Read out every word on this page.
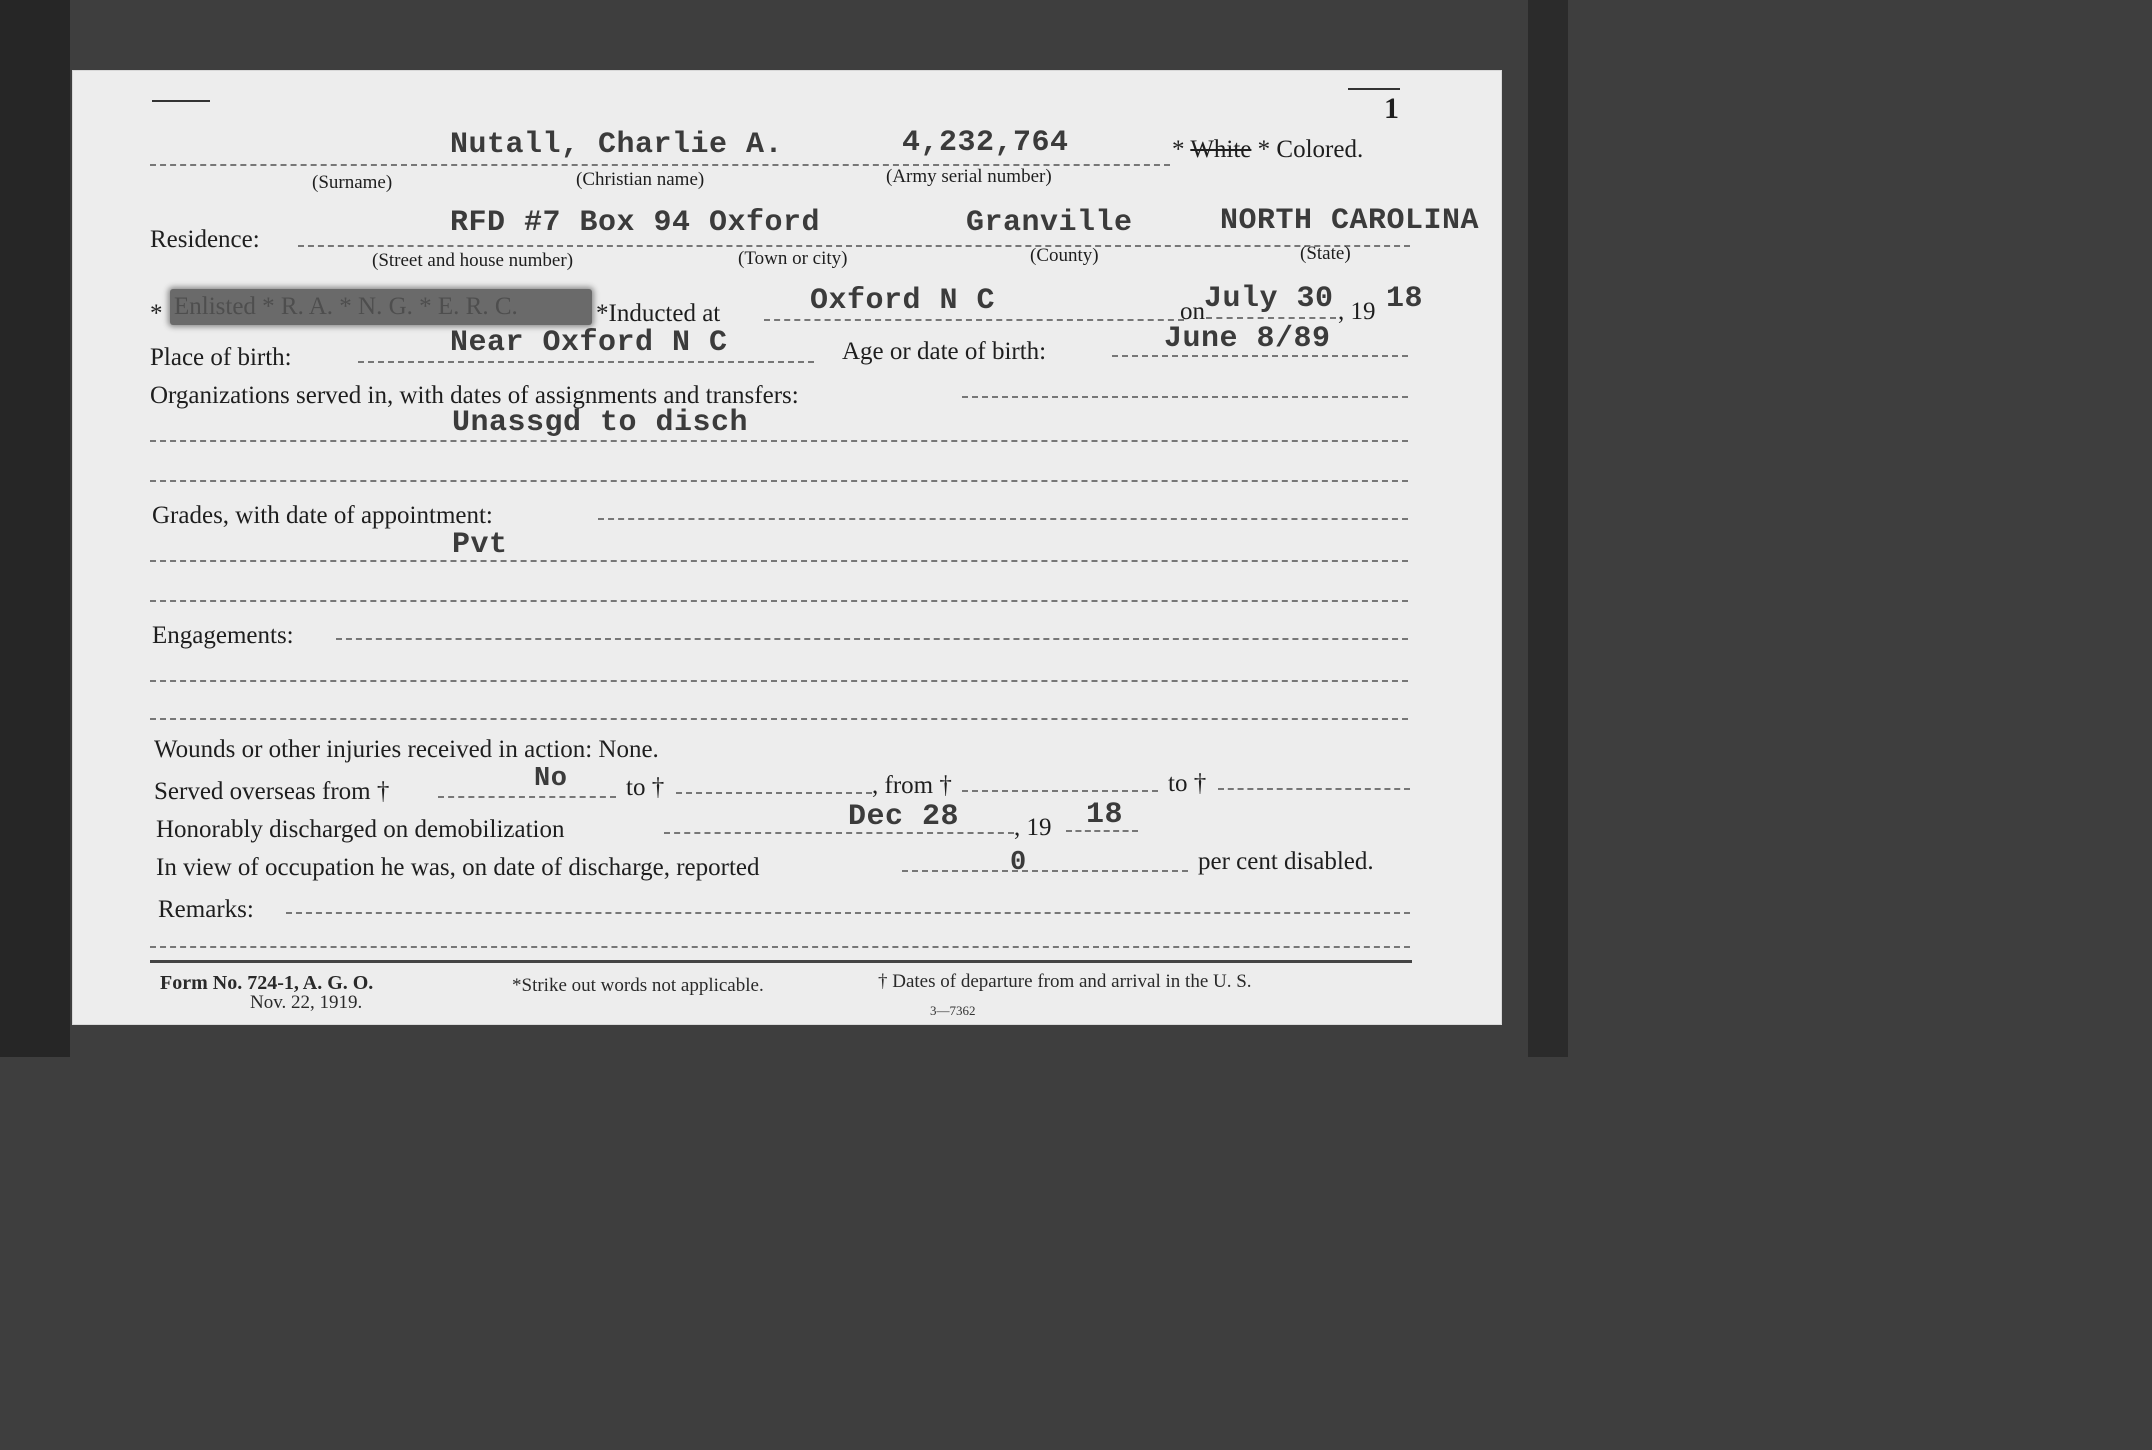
1
Nutall, Charlie A.	4,232,764	* White * Colored.
(Surname)	(Christian name)	(Army serial number)
Residence:	RFD #7 Box 94 Oxford	Granville	NORTH CAROLINA
(Street and house number)	(Town or city)	(County)	(State)
* Enlisted * R. A. * N. G. * E. R. C.	*Inducted at	Oxford N C	on July 30 , 19 18
Place of birth:	Near Oxford N C	Age or date of birth:	June 8/89
Organizations served in, with dates of assignments and transfers:
Unassgd to disch
Grades, with date of appointment:
Pvt
Engagements:
Wounds or other injuries received in action: None.
Served overseas from †	No to †	, from †	to †
Honorably discharged on demobilization	Dec 28 , 19 18
In view of occupation he was, on date of discharge, reported	0	per cent disabled.
Remarks:
Form No. 724-1, A. G. O.
Nov. 22, 1919.
*Strike out words not applicable.	† Dates of departure from and arrival in the U. S.
3—7362
